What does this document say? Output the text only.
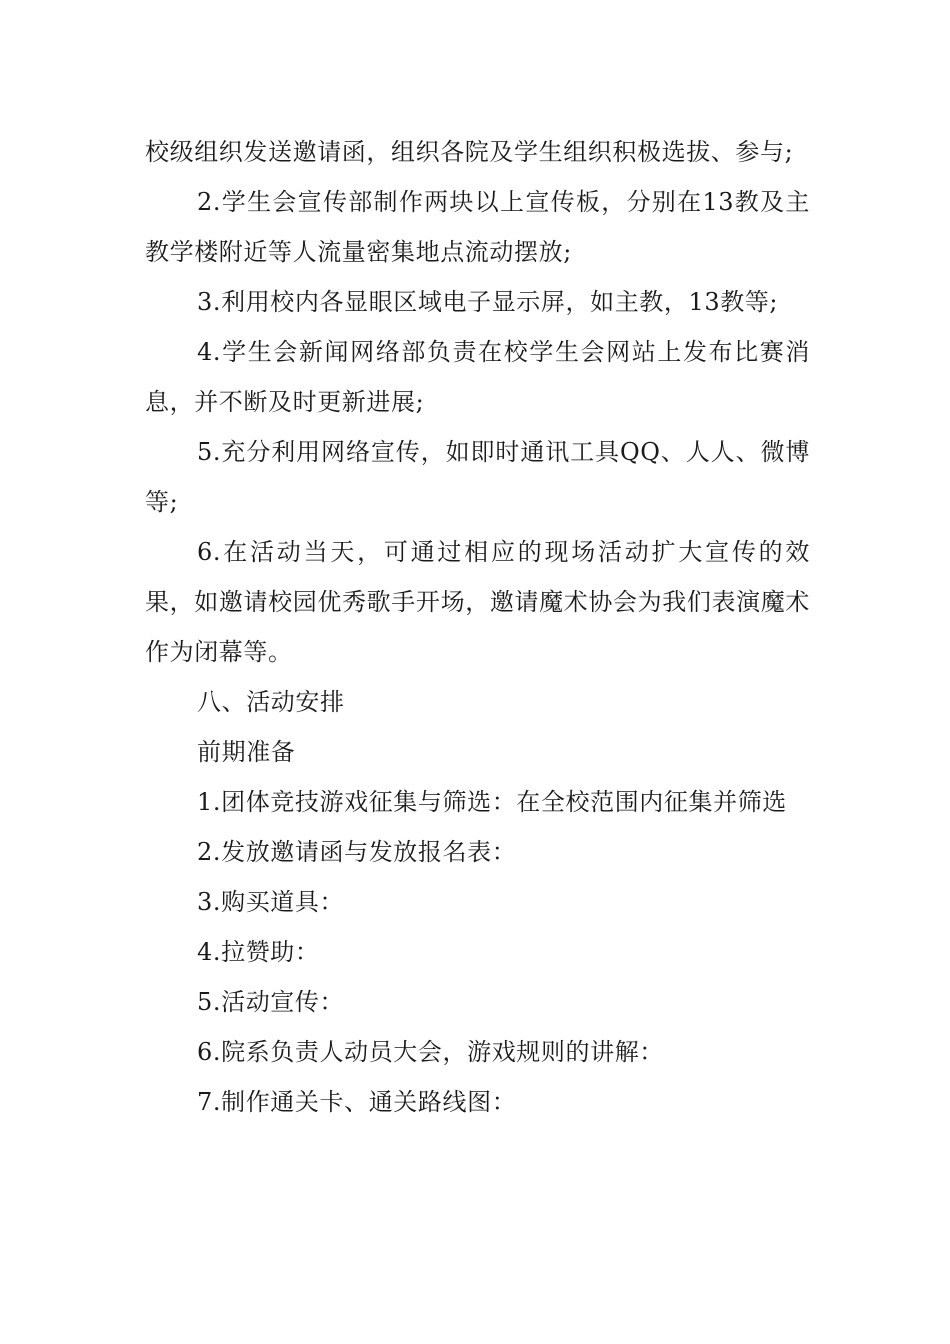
校级组织发送邀请函，组织各院及学生组织积极选拔、参与;

2.学生会宣传部制作两块以上宣传板，分别在13教及主教学楼附近等人流量密集地点流动摆放;

3.利用校内各显眼区域电子显示屏，如主教，13教等;

4.学生会新闻网络部负责在校学生会网站上发布比赛消息，并不断及时更新进展;

5.充分利用网络宣传，如即时通讯工具QQ、人人、微博等;

6.在活动当天，可通过相应的现场活动扩大宣传的效果，如邀请校园优秀歌手开场，邀请魔术协会为我们表演魔术作为闭幕等。

八、活动安排

前期准备

1.团体竞技游戏征集与筛选：在全校范围内征集并筛选

2.发放邀请函与发放报名表：

3.购买道具：

4.拉赞助：

5.活动宣传：

6.院系负责人动员大会，游戏规则的讲解：

7.制作通关卡、通关路线图：
